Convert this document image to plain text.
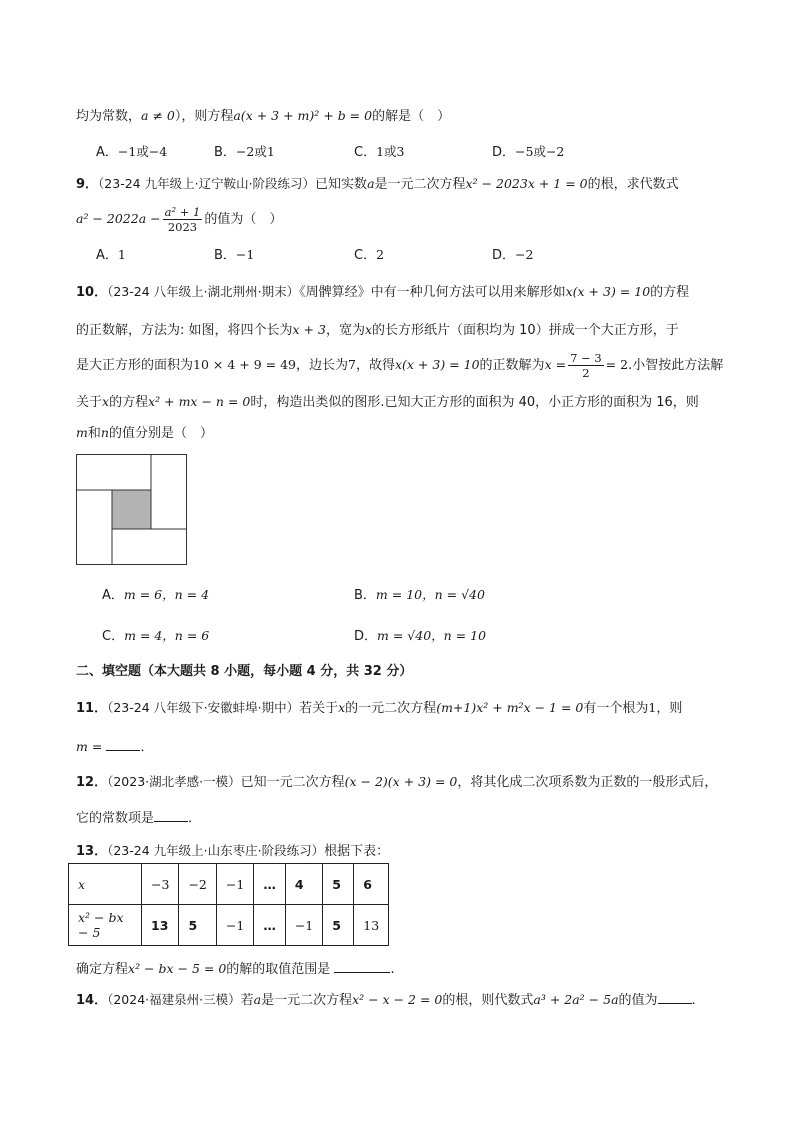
均为常数，a ≠ 0），则方程a(x + 3 + m)² + b = 0的解是（　）
A．−1或−4	B．−2或1	C．1或3	D．−5或−2
9．（23-24 九年级上·辽宁鞍山·阶段练习）已知实数a是一元二次方程x² − 2023x + 1 = 0的根，求代数式
$a^2 - 2022a - \frac{\text{a² + 1}}{2023}$ 的值为（　）
A．1	B．−1	C．2	D．−2
10．（23-24 八年级上·湖北荆州·期末）《周髀算经》中有一种几何方法可以用来解形如x(x + 3) = 10的方程
的正数解，方法为: 如图，将四个长为x + 3，宽为x的长方形纸片（面积均为 10）拼成一个大正方形，于
是大正方形的面积为10 × 4 + 9 = 49，边长为7，故得x(x + 3) = 10的正数解为$x = \frac{7 - 3}{2} = 2$.小智按此方法解
关于x的方程x² + mx − n = 0时，构造出类似的图形.已知大正方形的面积为 40，小正方形的面积为 16，则
m和n的值分别是（　）
A．m = 6，n = 4	B．m = 10，n = √40
C．m = 4，n = 6	D．m = √40，n = 10
二、填空题（本大题共 8 小题，每小题 4 分，共 32 分）
11．（23-24 八年级下·安徽蚌埠·期中）若关于x的一元二次方程(m+1)x² + m²x − 1 = 0有一个根为1，则
m =	．
12．（2023·湖北孝感·一模）已知一元二次方程(x − 2)(x + 3) = 0，将其化成二次项系数为正数的一般形式后，
它的常数项是	．
13．（23-24 九年级上·山东枣庄·阶段练习）根据下表：
x	−3	−2	−1	…	4	5	6
x² − bx − 5	13	5	−1	…	−1	5	13
确定方程x² − bx − 5 = 0的解的取值范围是	.
14．（2024·福建泉州·三模）若a是一元二次方程x² − x − 2 = 0的根，则代数式a³ + 2a² − 5a的值为	.
